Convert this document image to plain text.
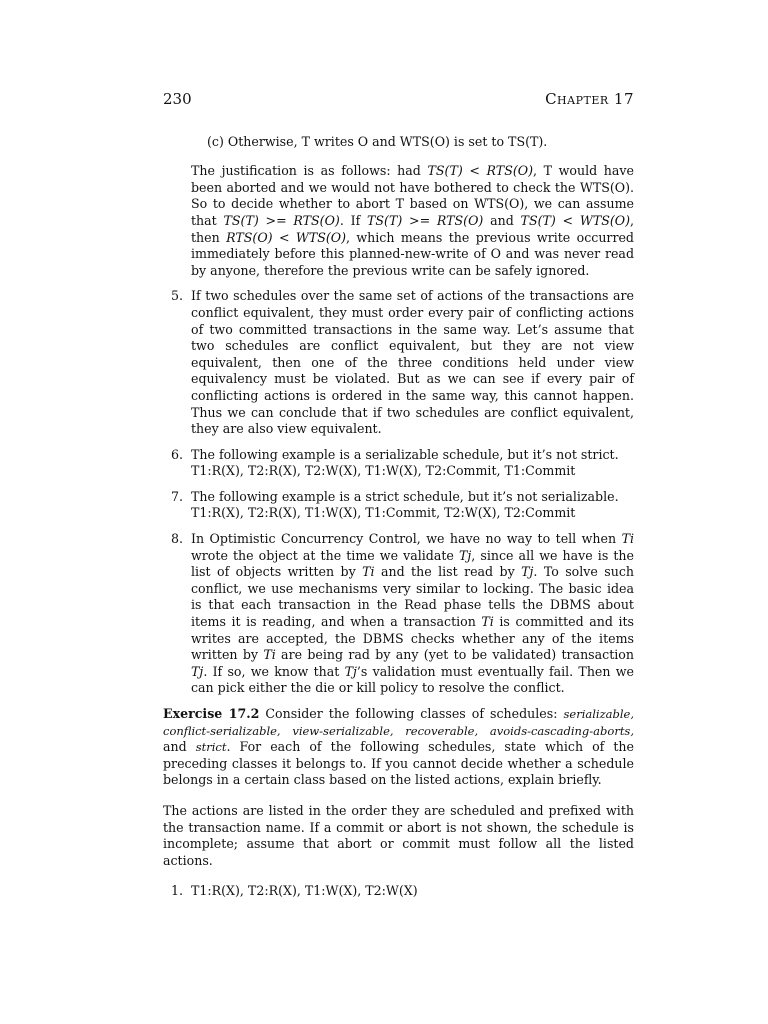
230	Chapter 17
(c) Otherwise, T writes O and WTS(O) is set to TS(T).

The justification is as follows: had TS(T) < RTS(O), T would have been aborted and we would not have bothered to check the WTS(O). So to decide whether to abort T based on WTS(O), we can assume that TS(T) >= RTS(O). If TS(T) >= RTS(O) and TS(T) < WTS(O), then RTS(O) < WTS(O), which means the previous write occurred immediately before this planned-new-write of O and was never read by anyone, therefore the previous write can be safely ignored.

5. If two schedules over the same set of actions of the transactions are conflict equivalent, they must order every pair of conflicting actions of two committed transactions in the same way. Let’s assume that two schedules are conflict equivalent, but they are not view equivalent, then one of the three conditions held under view equivalency must be violated. But as we can see if every pair of conflicting actions is ordered in the same way, this cannot happen. Thus we can conclude that if two schedules are conflict equivalent, they are also view equivalent.

6. The following example is a serializable schedule, but it’s not strict.
T1:R(X), T2:R(X), T2:W(X), T1:W(X), T2:Commit, T1:Commit
7. The following example is a strict schedule, but it’s not serializable.
T1:R(X), T2:R(X), T1:W(X), T1:Commit, T2:W(X), T2:Commit
8. In Optimistic Concurrency Control, we have no way to tell when Ti wrote the object at the time we validate Tj, since all we have is the list of objects written by Ti and the list read by Tj. To solve such conflict, we use mechanisms very similar to locking. The basic idea is that each transaction in the Read phase tells the DBMS about items it is reading, and when a transaction Ti is committed and its writes are accepted, the DBMS checks whether any of the items written by Ti are being rad by any (yet to be validated) transaction Tj. If so, we know that Tj’s validation must eventually fail. Then we can pick either the die or kill policy to resolve the conflict.

Exercise 17.2 Consider the following classes of schedules: serializable, conflict-serializable, view-serializable, recoverable, avoids-cascading-aborts, and strict. For each of the following schedules, state which of the preceding classes it belongs to. If you cannot decide whether a schedule belongs in a certain class based on the listed actions, explain briefly.

The actions are listed in the order they are scheduled and prefixed with the transaction name. If a commit or abort is not shown, the schedule is incomplete; assume that abort or commit must follow all the listed actions.

1. T1:R(X), T2:R(X), T1:W(X), T2:W(X)
